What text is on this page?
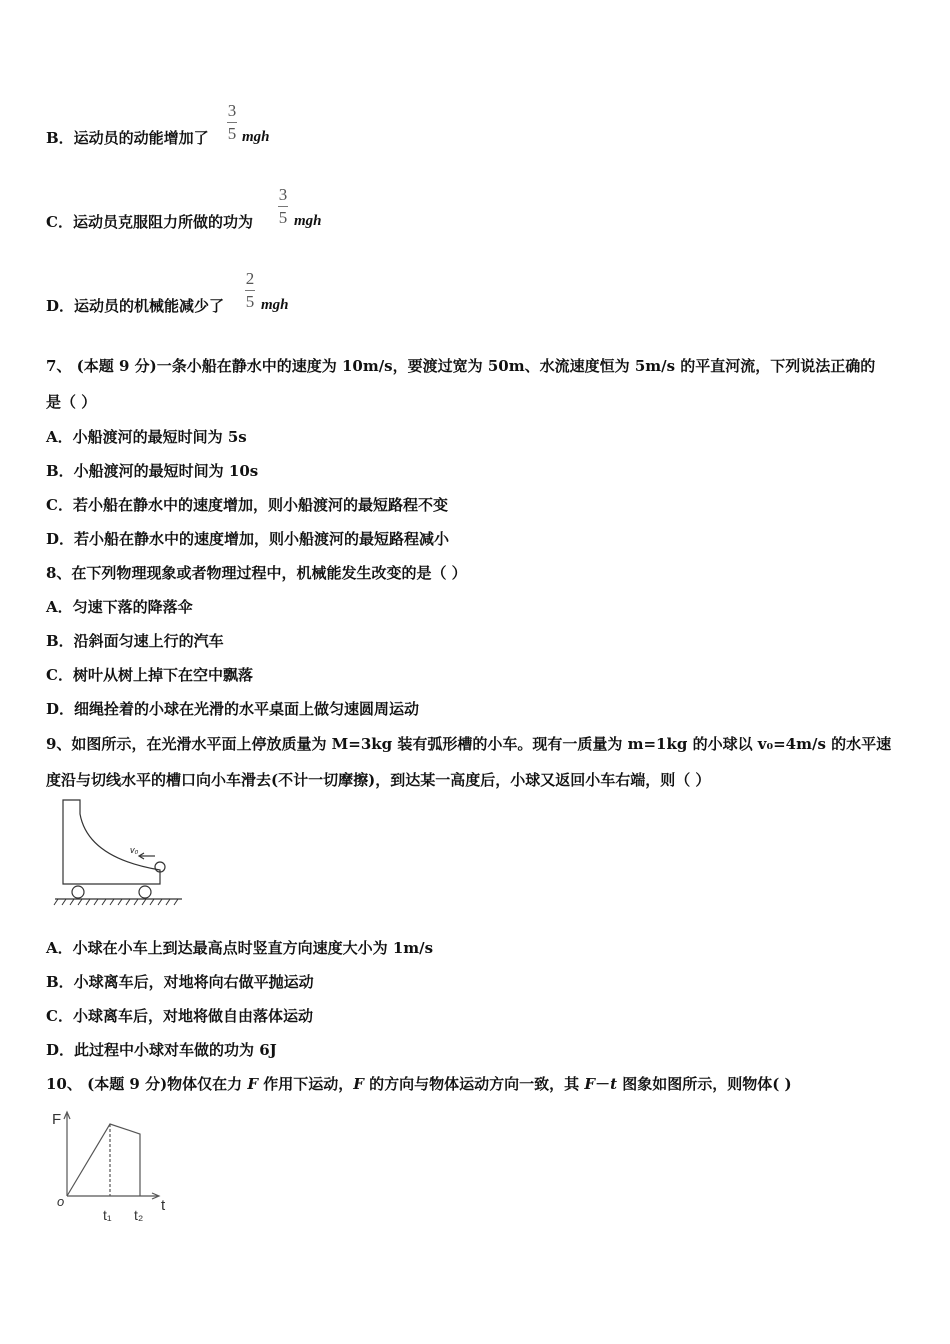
B．运动员的动能增加了
3
5 mgh
C．运动员克服阻力所做的功为
3
5 mgh
D．运动员的机械能减少了
2
5 mgh
7、 (本题 9 分)一条小船在静水中的速度为 10m/s，要渡过宽为 50m、水流速度恒为 5m/s 的平直河流，下列说法正确的
是（ ）
A．小船渡河的最短时间为 5s
B．小船渡河的最短时间为 10s
C．若小船在静水中的速度增加，则小船渡河的最短路程不变
D．若小船在静水中的速度增加，则小船渡河的最短路程减小
8、在下列物理现象或者物理过程中，机械能发生改变的是（ ）
A．匀速下落的降落伞
B．沿斜面匀速上行的汽车
C．树叶从树上掉下在空中飘落
D．细绳拴着的小球在光滑的水平桌面上做匀速圆周运动
9、如图所示，在光滑水平面上停放质量为 M=3kg 装有弧形槽的小车。现有一质量为 m=1kg 的小球以 v₀=4m/s 的水平速
度沿与切线水平的槽口向小车滑去(不计一切摩擦)，到达某一高度后，小球又返回小车右端，则（ ）
v₀
A．小球在小车上到达最高点时竖直方向速度大小为 1m/s
B．小球离车后，对地将向右做平抛运动
C．小球离车后，对地将做自由落体运动
D．此过程中小球对车做的功为 6J
10、 (本题 9 分)物体仅在力 F 作用下运动，F 的方向与物体运动方向一致，其 F－t 图象如图所示，则物体( )
F
t
o
t₁ t₂
